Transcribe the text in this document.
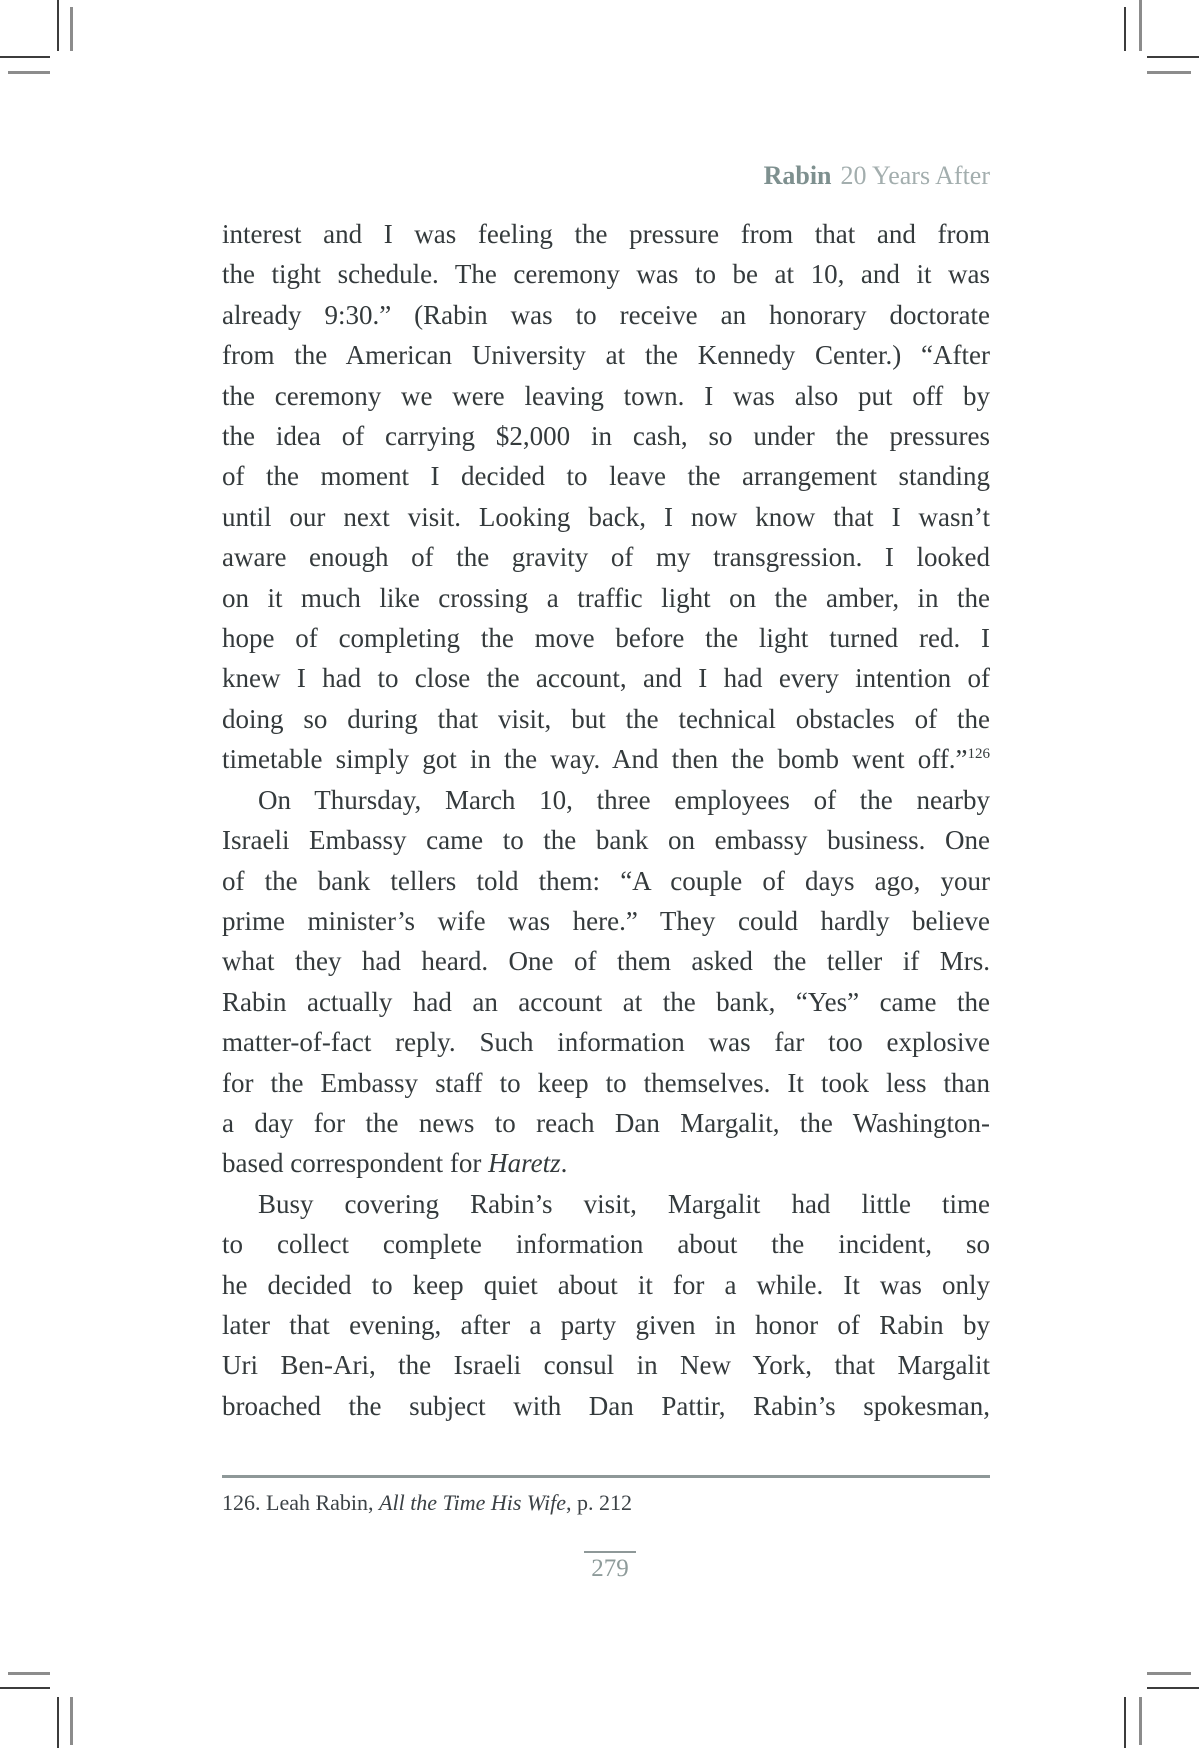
Rabin 20 Years After
interest and I was feeling the pressure from that and from
the tight schedule. The ceremony was to be at 10, and it was
already 9:30.” (Rabin was to receive an honorary doctorate
from the American University at the Kennedy Center.) “After
the ceremony we were leaving town. I was also put off by
the idea of carrying $2,000 in cash, so under the pressures
of the moment I decided to leave the arrangement standing
until our next visit. Looking back, I now know that I wasn’t
aware enough of the gravity of my transgression. I looked
on it much like crossing a traffic light on the amber, in the
hope of completing the move before the light turned red. I
knew I had to close the account, and I had every intention of
doing so during that visit, but the technical obstacles of the
timetable simply got in the way. And then the bomb went off.”$^{126}$
On Thursday, March 10, three employees of the nearby
Israeli Embassy came to the bank on embassy business. One
of the bank tellers told them: “A couple of days ago, your
prime minister’s wife was here.” They could hardly believe
what they had heard. One of them asked the teller if Mrs.
Rabin actually had an account at the bank, “Yes” came the
matter-of-fact reply. Such information was far too explosive
for the Embassy staff to keep to themselves. It took less than
a day for the news to reach Dan Margalit, the Washington-
based correspondent for Haretz.
Busy covering Rabin’s visit, Margalit had little time
to collect complete information about the incident, so
he decided to keep quiet about it for a while. It was only
later that evening, after a party given in honor of Rabin by
Uri Ben-Ari, the Israeli consul in New York, that Margalit
broached the subject with Dan Pattir, Rabin’s spokesman,

126. Leah Rabin, All the Time His Wife, p. 212

279
